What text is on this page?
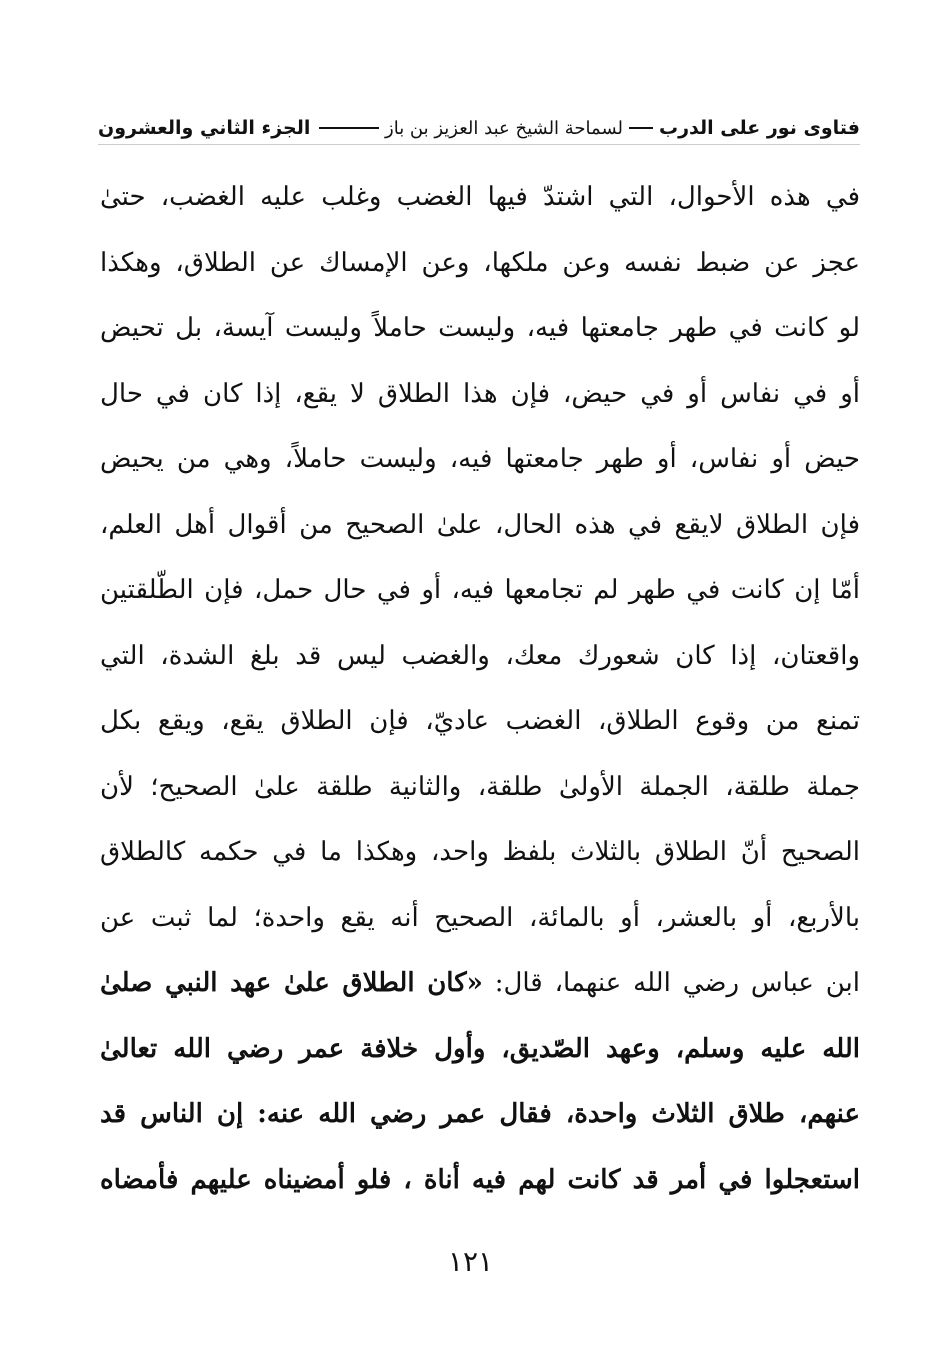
فتاوى نور على الدرب
لسماحة الشيخ عبد العزيز بن باز
الجزء الثاني والعشرون
في هذه الأحوال، التي اشتدّ فيها الغضب وغلب عليه الغضب، حتىٰ
عجز عن ضبط نفسه وعن ملكها، وعن الإمساك عن الطلاق، وهكذا
لو كانت في طهر جامعتها فيه، وليست حاملاً وليست آيسة، بل تحيض
أو في نفاس أو في حيض، فإن هذا الطلاق لا يقع، إذا كان في حال
حيض أو نفاس، أو طهر جامعتها فيه، وليست حاملاً، وهي من يحيض
فإن الطلاق لايقع في هذه الحال، علىٰ الصحيح من أقوال أهل العلم،
أمّا إن كانت في طهر لم تجامعها فيه، أو في حال حمل، فإن الطّلقتين
واقعتان، إذا كان شعورك معك، والغضب ليس قد بلغ الشدة، التي
تمنع من وقوع الطلاق، الغضب عاديّ، فإن الطلاق يقع، ويقع بكل
جملة طلقة، الجملة الأولىٰ طلقة، والثانية طلقة علىٰ الصحيح؛ لأن
الصحيح أنّ الطلاق بالثلاث بلفظ واحد، وهكذا ما في حكمه كالطلاق
بالأربع، أو بالعشر، أو بالمائة، الصحيح أنه يقع واحدة؛ لما ثبت عن
ابن عباس رضي الله عنهما، قال: «كان الطلاق علىٰ عهد النبي صلىٰ
الله عليه وسلم، وعهد الصّديق، وأول خلافة عمر رضي الله تعالىٰ
عنهم، طلاق الثلاث واحدة، فقال عمر رضي الله عنه: إن الناس قد
استعجلوا في أمر قد كانت لهم فيه أناة ، فلو أمضيناه عليهم فأمضاه
١٢١
